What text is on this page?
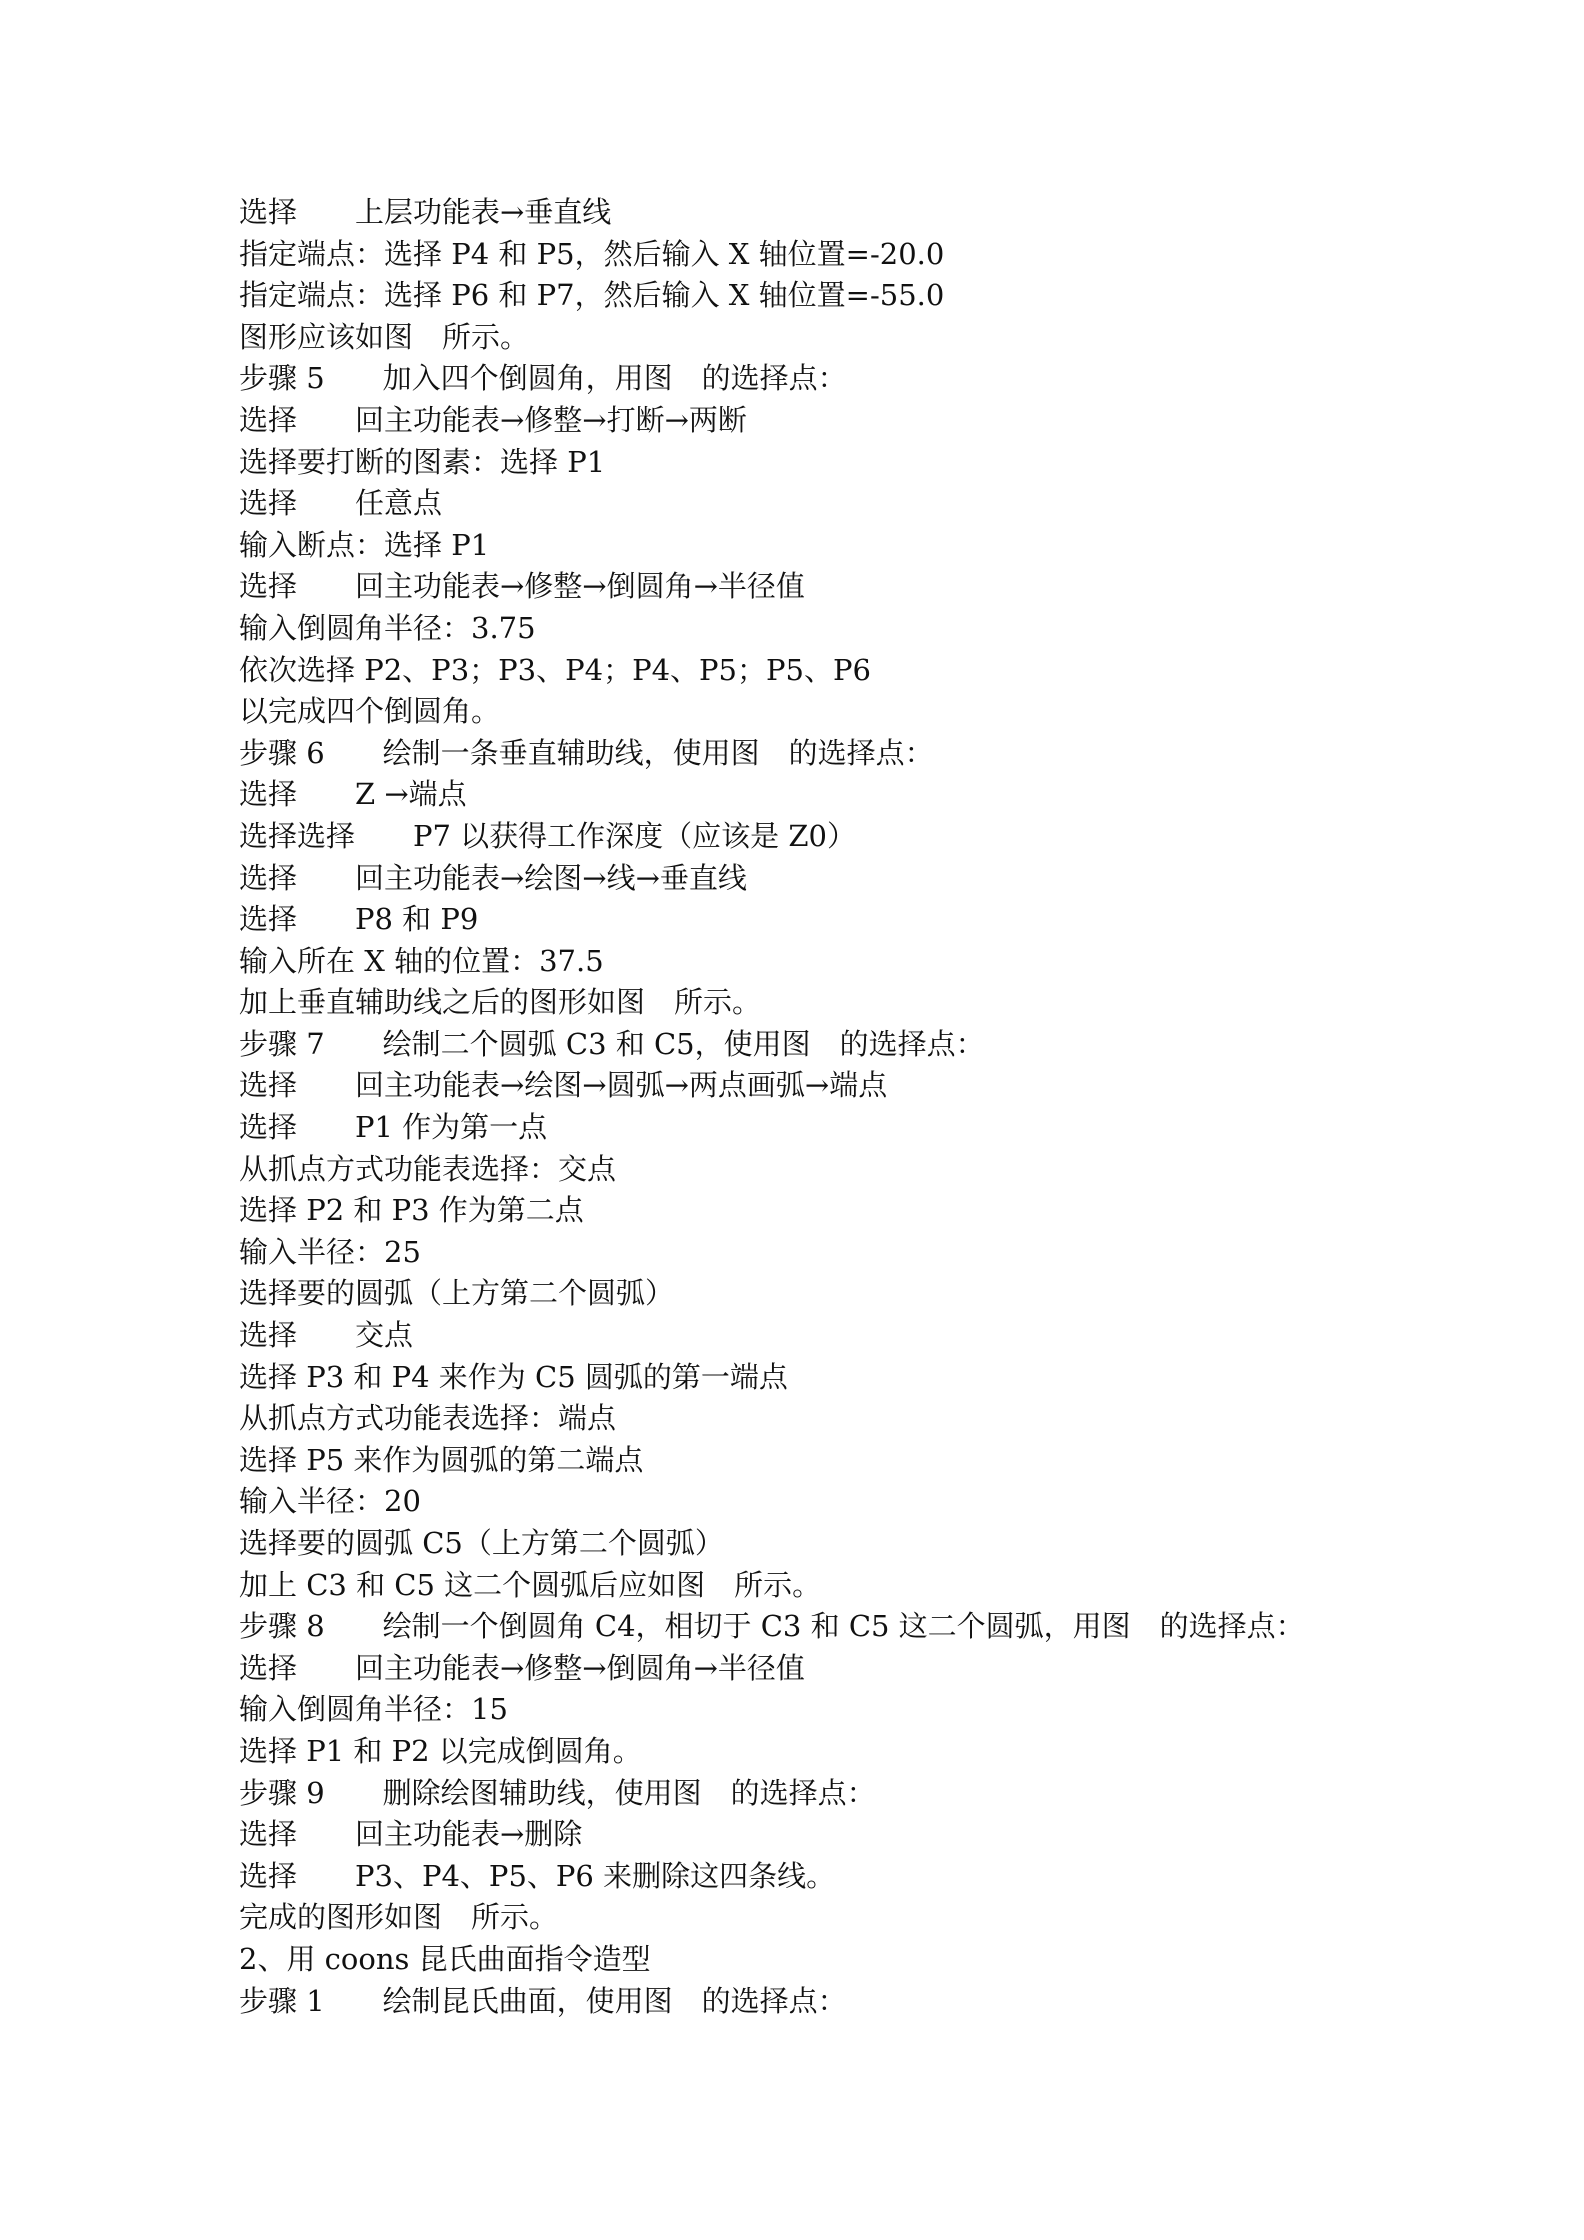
选择　　上层功能表→垂直线
指定端点：选择 P4 和 P5，然后输入 X 轴位置=-20.0
指定端点：选择 P6 和 P7，然后输入 X 轴位置=-55.0
图形应该如图　所示。
步骤 5　　加入四个倒圆角，用图　的选择点：
选择　　回主功能表→修整→打断→两断
选择要打断的图素：选择 P1
选择　　任意点
输入断点：选择 P1
选择　　回主功能表→修整→倒圆角→半径值
输入倒圆角半径：3.75
依次选择 P2、P3；P3、P4；P4、P5；P5、P6
以完成四个倒圆角。
步骤 6　　绘制一条垂直辅助线，使用图　的选择点：
选择　　Z →端点
选择选择　　P7 以获得工作深度（应该是 Z0）
选择　　回主功能表→绘图→线→垂直线
选择　　P8 和 P9
输入所在 X 轴的位置：37.5
加上垂直辅助线之后的图形如图　所示。
步骤 7　　绘制二个圆弧 C3 和 C5，使用图　的选择点：
选择　　回主功能表→绘图→圆弧→两点画弧→端点
选择　　P1 作为第一点
从抓点方式功能表选择：交点
选择 P2 和 P3 作为第二点
输入半径：25
选择要的圆弧（上方第二个圆弧）
选择　　交点
选择 P3 和 P4 来作为 C5 圆弧的第一端点
从抓点方式功能表选择：端点
选择 P5 来作为圆弧的第二端点
输入半径：20
选择要的圆弧 C5（上方第二个圆弧）
加上 C3 和 C5 这二个圆弧后应如图　所示。
步骤 8　　绘制一个倒圆角 C4，相切于 C3 和 C5 这二个圆弧，用图　的选择点：
选择　　回主功能表→修整→倒圆角→半径值
输入倒圆角半径：15
选择 P1 和 P2 以完成倒圆角。
步骤 9　　删除绘图辅助线，使用图　的选择点：
选择　　回主功能表→删除
选择　　P3、P4、P5、P6 来删除这四条线。
完成的图形如图　所示。
2、用 coons 昆氏曲面指令造型
步骤 1　　绘制昆氏曲面，使用图　的选择点：
